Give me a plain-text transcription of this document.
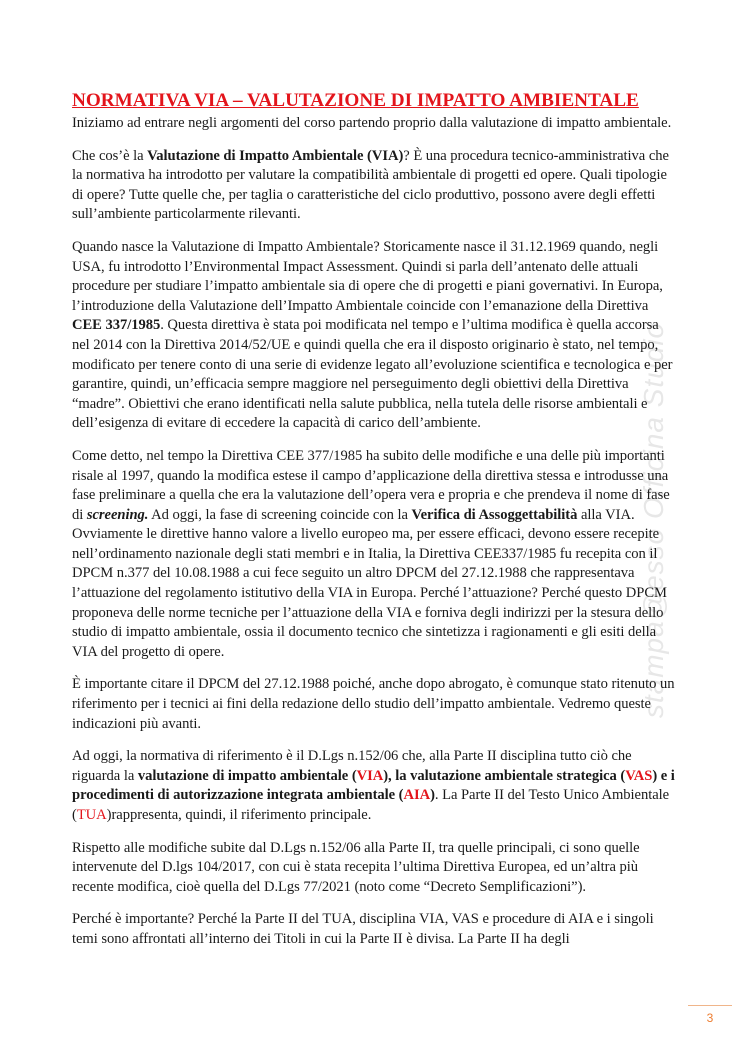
stampa@esso Officina Studio
NORMATIVA VIA – VALUTAZIONE DI IMPATTO AMBIENTALE

Iniziamo ad entrare negli argomenti del corso partendo proprio dalla valutazione di impatto ambientale.

Che cos’è la Valutazione di Impatto Ambientale (VIA)? È una procedura tecnico-amministrativa che la normativa ha introdotto per valutare la compatibilità ambientale di progetti ed opere. Quali tipologie di opere? Tutte quelle che, per taglia o caratteristiche del ciclo produttivo, possono avere degli effetti sull’ambiente particolarmente rilevanti.

Quando nasce la Valutazione di Impatto Ambientale? Storicamente nasce il 31.12.1969 quando, negli USA, fu introdotto l’Environmental Impact Assessment. Quindi si parla dell’antenato delle attuali procedure per studiare l’impatto ambientale sia di opere che di progetti e piani governativi. In Europa, l’introduzione della Valutazione dell’Impatto Ambientale coincide con l’emanazione della Direttiva CEE 337/1985. Questa direttiva è stata poi modificata nel tempo e l’ultima modifica è quella accorsa nel 2014 con la Direttiva 2014/52/UE e quindi quella che era il disposto originario è stato, nel tempo, modificato per tenere conto di una serie di evidenze legato all’evoluzione scientifica e tecnologica e per garantire, quindi, un’efficacia sempre maggiore nel perseguimento degli obiettivi della Direttiva “madre”. Obiettivi che erano identificati nella salute pubblica, nella tutela delle risorse ambientali e dell’esigenza di evitare di eccedere la capacità di carico dell’ambiente.

Come detto, nel tempo la Direttiva CEE 377/1985 ha subito delle modifiche e una delle più importanti risale al 1997, quando la modifica estese il campo d’applicazione della direttiva stessa e introdusse una fase preliminare a quella che era la valutazione dell’opera vera e propria e che prendeva il nome di fase di screening. Ad oggi, la fase di screening coincide con la Verifica di Assoggettabilità alla VIA. Ovviamente le direttive hanno valore a livello europeo ma, per essere efficaci, devono essere recepite nell’ordinamento nazionale degli stati membri e in Italia, la Direttiva CEE337/1985 fu recepita con il DPCM n.377 del 10.08.1988 a cui fece seguito un altro DPCM del 27.12.1988 che rappresentava l’attuazione del regolamento istitutivo della VIA in Europa. Perché l’attuazione? Perché questo DPCM proponeva delle norme tecniche per l’attuazione della VIA e forniva degli indirizzi per la stesura dello studio di impatto ambientale, ossia il documento tecnico che sintetizza i ragionamenti e gli esiti della VIA del progetto di opere.

È importante citare il DPCM del 27.12.1988 poiché, anche dopo abrogato, è comunque stato ritenuto un riferimento per i tecnici ai fini della redazione dello studio dell’impatto ambientale. Vedremo queste indicazioni più avanti.

Ad oggi, la normativa di riferimento è il D.Lgs n.152/06 che, alla Parte II disciplina tutto ciò che riguarda la valutazione di impatto ambientale (VIA), la valutazione ambientale strategica (VAS) e i procedimenti di autorizzazione integrata ambientale (AIA). La Parte II del Testo Unico Ambientale (TUA)rappresenta, quindi, il riferimento principale.

Rispetto alle modifiche subite dal D.Lgs n.152/06 alla Parte II, tra quelle principali, ci sono quelle intervenute del D.lgs 104/2017, con cui è stata recepita l’ultima Direttiva Europea, ed un’altra più recente modifica, cioè quella del D.Lgs 77/2021 (noto come “Decreto Semplificazioni”).

Perché è importante? Perché la Parte II del TUA, disciplina VIA, VAS e procedure di AIA e i singoli temi sono affrontati all’interno dei Titoli in cui la Parte II è divisa. La Parte II ha degli

3
